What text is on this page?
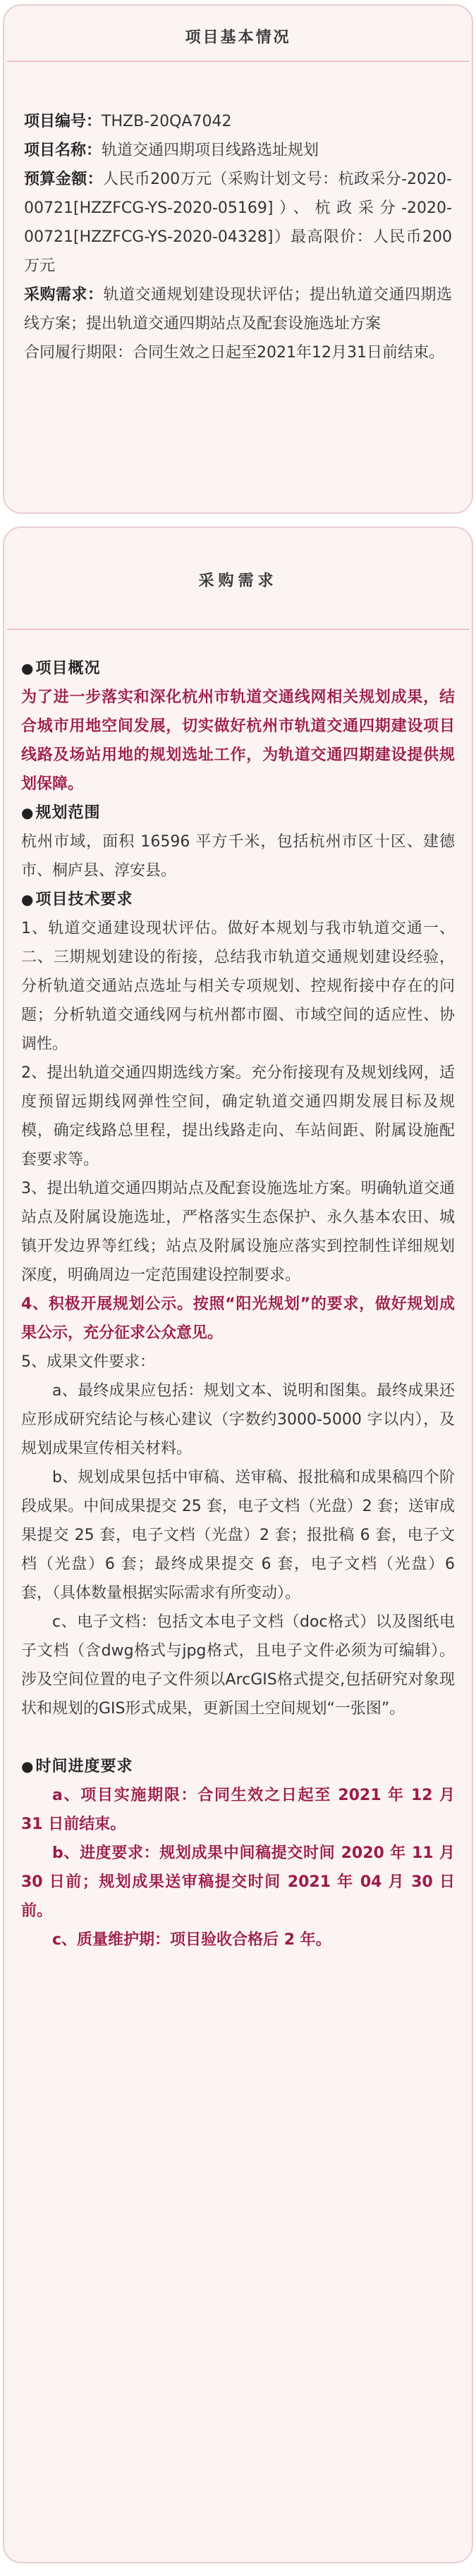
项目基本情况

项目编号：THZB-20QA7042

项目名称：轨道交通四期项目线路选址规划

预算金额：人民币200万元（采购计划文号：杭政采分-2020-00721[HZZFCG-YS-2020-05169]）、杭政采分-2020-00721[HZZFCG-YS-2020-04328]）最高限价：人民币200万元

采购需求：轨道交通规划建设现状评估；提出轨道交通四期选线方案；提出轨道交通四期站点及配套设施选址方案

合同履行期限：合同生效之日起至2021年12月31日前结束。

采购需求

●项目概况

为了进一步落实和深化杭州市轨道交通线网相关规划成果，结合城市用地空间发展，切实做好杭州市轨道交通四期建设项目线路及场站用地的规划选址工作，为轨道交通四期建设提供规划保障。

●规划范围

杭州市域，面积 16596 平方千米，包括杭州市区十区、建德市、桐庐县、淳安县。

●项目技术要求

1、轨道交通建设现状评估。做好本规划与我市轨道交通一、二、三期规划建设的衔接，总结我市轨道交通规划建设经验，分析轨道交通站点选址与相关专项规划、控规衔接中存在的问题；分析轨道交通线网与杭州都市圈、市域空间的适应性、协调性。

2、提出轨道交通四期选线方案。充分衔接现有及规划线网，适度预留远期线网弹性空间，确定轨道交通四期发展目标及规模，确定线路总里程，提出线路走向、车站间距、附属设施配套要求等。

3、提出轨道交通四期站点及配套设施选址方案。明确轨道交通站点及附属设施选址，严格落实生态保护、永久基本农田、城镇开发边界等红线；站点及附属设施应落实到控制性详细规划深度，明确周边一定范围建设控制要求。

4、积极开展规划公示。按照“阳光规划”的要求，做好规划成果公示，充分征求公众意见。

5、成果文件要求：

a、最终成果应包括：规划文本、说明和图集。最终成果还应形成研究结论与核心建议（字数约3000-5000 字以内），及规划成果宣传相关材料。

b、规划成果包括中审稿、送审稿、报批稿和成果稿四个阶段成果。中间成果提交 25 套，电子文档（光盘）2 套；送审成果提交 25 套，电子文档（光盘）2 套；报批稿 6 套，电子文档（光盘）6 套；最终成果提交 6 套，电子文档（光盘）6 套，（具体数量根据实际需求有所变动）。

c、电子文档：包括文本电子文档（doc格式）以及图纸电子文档（含dwg格式与jpg格式，且电子文件必须为可编辑）。涉及空间位置的电子文件须以ArcGIS格式提交,包括研究对象现状和规划的GIS形式成果，更新国土空间规划“一张图”。

●时间进度要求

a、项目实施期限：合同生效之日起至 2021 年 12 月 31 日前结束。

b、进度要求：规划成果中间稿提交时间 2020 年 11 月 30 日前；规划成果送审稿提交时间 2021 年 04 月 30 日前。

c、质量维护期：项目验收合格后 2 年。
